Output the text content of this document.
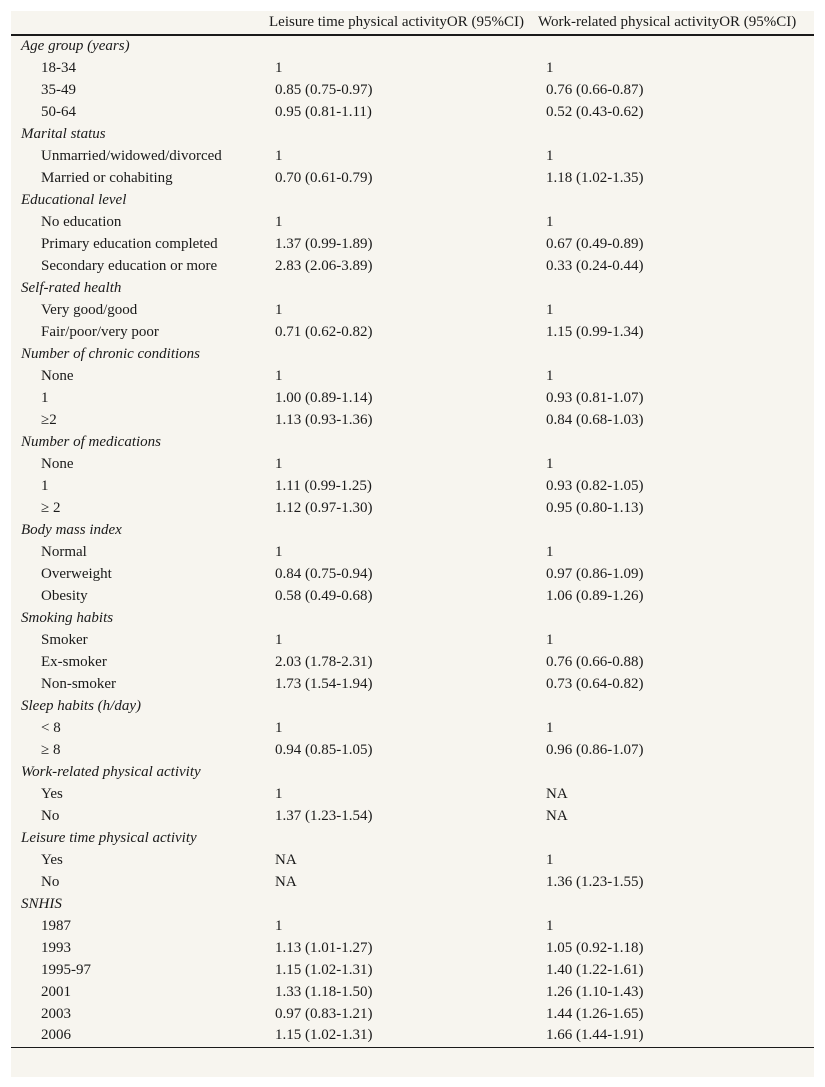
	Leisure time physical activityOR (95%CI)	Work-related physical activityOR (95%CI)
Age group (years)		
18-34	1	1
35-49	0.85 (0.75-0.97)	0.76 (0.66-0.87)
50-64	0.95 (0.81-1.11)	0.52 (0.43-0.62)
Marital status		
Unmarried/widowed/divorced	1	1
Married or cohabiting	0.70 (0.61-0.79)	1.18 (1.02-1.35)
Educational level		
No education	1	1
Primary education completed	1.37 (0.99-1.89)	0.67 (0.49-0.89)
Secondary education or more	2.83 (2.06-3.89)	0.33 (0.24-0.44)
Self-rated health		
Very good/good	1	1
Fair/poor/very poor	0.71 (0.62-0.82)	1.15 (0.99-1.34)
Number of chronic conditions		
None	1	1
1	1.00 (0.89-1.14)	0.93 (0.81-1.07)
≥2	1.13 (0.93-1.36)	0.84 (0.68-1.03)
Number of medications		
None	1	1
1	1.11 (0.99-1.25)	0.93 (0.82-1.05)
≥ 2	1.12 (0.97-1.30)	0.95 (0.80-1.13)
Body mass index		
Normal	1	1
Overweight	0.84 (0.75-0.94)	0.97 (0.86-1.09)
Obesity	0.58 (0.49-0.68)	1.06 (0.89-1.26)
Smoking habits		
Smoker	1	1
Ex-smoker	2.03 (1.78-2.31)	0.76 (0.66-0.88)
Non-smoker	1.73 (1.54-1.94)	0.73 (0.64-0.82)
Sleep habits (h/day)		
< 8	1	1
≥ 8	0.94 (0.85-1.05)	0.96 (0.86-1.07)
Work-related physical activity		
Yes	1	NA
No	1.37 (1.23-1.54)	NA
Leisure time physical activity		
Yes	NA	1
No	NA	1.36 (1.23-1.55)
SNHIS		
1987	1	1
1993	1.13 (1.01-1.27)	1.05 (0.92-1.18)
1995-97	1.15 (1.02-1.31)	1.40 (1.22-1.61)
2001	1.33 (1.18-1.50)	1.26 (1.10-1.43)
2003	0.97 (0.83-1.21)	1.44 (1.26-1.65)
2006	1.15 (1.02-1.31)	1.66 (1.44-1.91)
